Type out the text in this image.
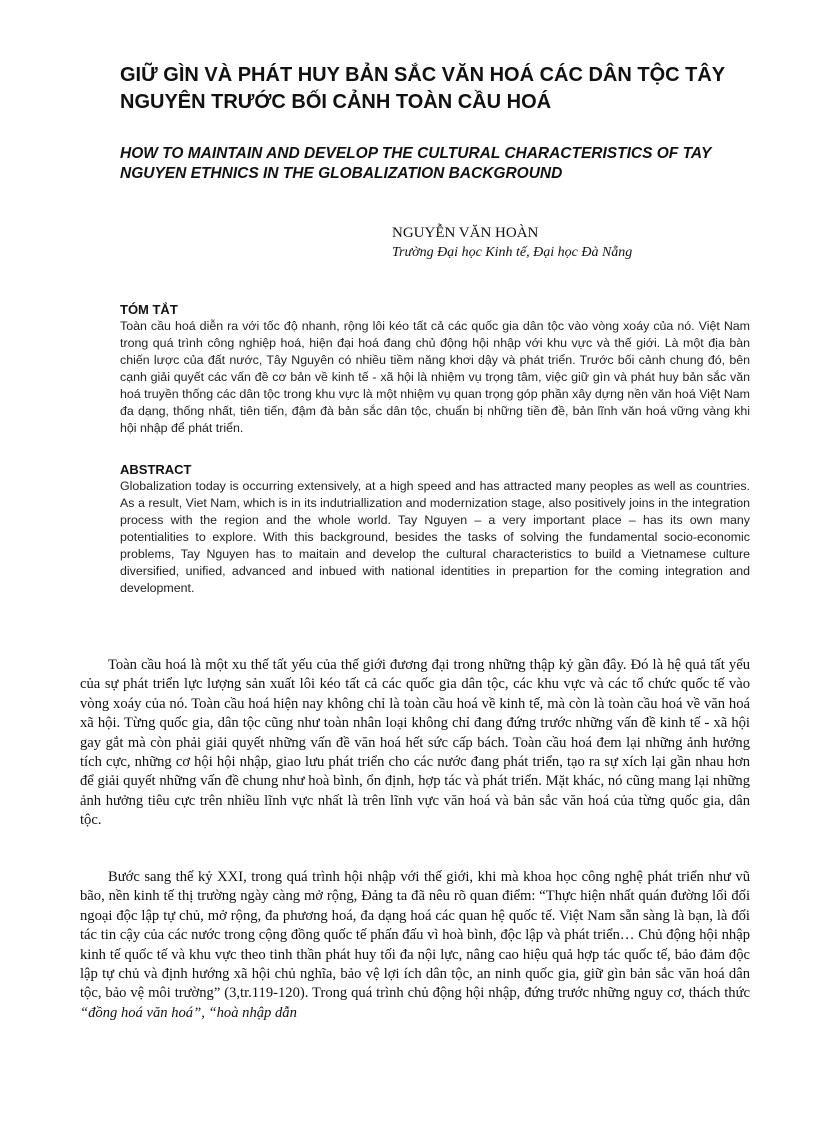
GIỮ GÌN VÀ PHÁT HUY BẢN SẮC VĂN HOÁ CÁC DÂN TỘC TÂY NGUYÊN TRƯỚC BỐI CẢNH TOÀN CẦU HOÁ
HOW TO MAINTAIN AND DEVELOP THE CULTURAL CHARACTERISTICS OF TAY NGUYEN ETHNICS IN THE GLOBALIZATION BACKGROUND
NGUYỄN VĂN HOÀN
Trường Đại học Kinh tế, Đại học Đà Nẵng
TÓM TẮT

Toàn cầu hoá diễn ra với tốc độ nhanh, rộng lôi kéo tất cả các quốc gia dân tộc vào vòng xoáy của nó. Việt Nam trong quá trình công nghiệp hoá, hiện đại hoá đang chủ động hội nhập với khu vực và thế giới. Là một địa bàn chiến lược của đất nước, Tây Nguyên có nhiều tiềm năng khơi dậy và phát triển. Trước bối cảnh chung đó, bên cạnh giải quyết các vấn đề cơ bản về kinh tế - xã hội là nhiệm vụ trọng tâm, việc giữ gìn và phát huy bản sắc văn hoá truyền thống các dân tộc trong khu vực là một nhiệm vụ quan trọng góp phần xây dựng nền văn hoá Việt Nam đa dạng, thống nhất, tiên tiến, đậm đà bản sắc dân tộc, chuẩn bị những tiền đề, bản lĩnh văn hoá vững vàng khi hội nhập để phát triển.

ABSTRACT

Globalization today is occurring extensively, at a high speed and has attracted many peoples as well as countries. As a result, Viet Nam, which is in its indutriallization and modernization stage, also positively joins in the integration process with the region and the whole world. Tay Nguyen – a very important place – has its own many potentialities to explore. With this background, besides the tasks of solving the fundamental socio-economic problems, Tay Nguyen has to maitain and develop the cultural characteristics to build a Vietnamese culture diversified, unified, advanced and inbued with national identities in prepartion for the coming integration and development.

Toàn cầu hoá là một xu thế tất yếu của thế giới đương đại trong những thập kỷ gần đây. Đó là hệ quả tất yếu của sự phát triển lực lượng sản xuất lôi kéo tất cả các quốc gia dân tộc, các khu vực và các tổ chức quốc tế vào vòng xoáy của nó. Toàn cầu hoá hiện nay không chỉ là toàn cầu hoá về kinh tế, mà còn là toàn cầu hoá về văn hoá xã hội. Từng quốc gia, dân tộc cũng như toàn nhân loại không chỉ đang đứng trước những vấn đề kinh tế - xã hội gay gắt mà còn phải giải quyết những vấn đề văn hoá hết sức cấp bách. Toàn cầu hoá đem lại những ảnh hưởng tích cực, những cơ hội hội nhập, giao lưu phát triển cho các nước đang phát triển, tạo ra sự xích lại gần nhau hơn để giải quyết những vấn đề chung như hoà bình, ổn định, hợp tác và phát triển. Mặt khác, nó cũng mang lại những ảnh hưởng tiêu cực trên nhiều lĩnh vực nhất là trên lĩnh vực văn hoá và bản sắc văn hoá của từng quốc gia, dân tộc.

Bước sang thế kỷ XXI, trong quá trình hội nhập với thế giới, khi mà khoa học công nghệ phát triển như vũ bão, nền kinh tế thị trường ngày càng mở rộng, Đảng ta đã nêu rõ quan điểm: “Thực hiện nhất quán đường lối đối ngoại độc lập tự chủ, mở rộng, đa phương hoá, đa dạng hoá các quan hệ quốc tế. Việt Nam sẵn sàng là bạn, là đối tác tin cậy của các nước trong cộng đồng quốc tế phấn đấu vì hoà bình, độc lập và phát triển… Chủ động hội nhập kinh tế quốc tế và khu vực theo tinh thần phát huy tối đa nội lực, nâng cao hiệu quả hợp tác quốc tế, bảo đảm độc lập tự chủ và định hướng xã hội chủ nghĩa, bảo vệ lợi ích dân tộc, an ninh quốc gia, giữ gìn bản sắc văn hoá dân tộc, bảo vệ môi trường” (3,tr.119-120). Trong quá trình chủ động hội nhập, đứng trước những nguy cơ, thách thức “đồng hoá văn hoá”, “hoà nhập dẫn
